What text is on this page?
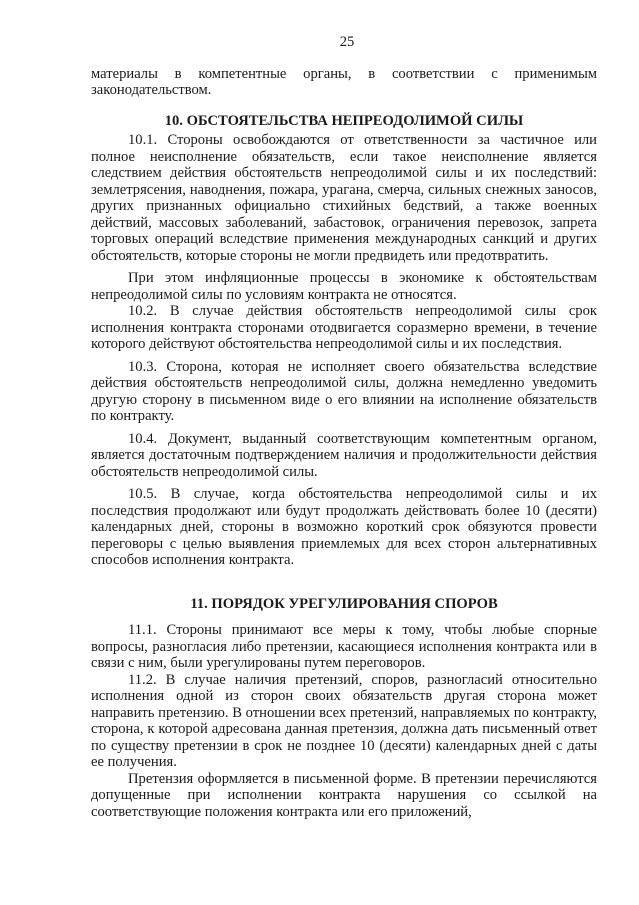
25

материалы в компетентные органы, в соответствии с применимым законодательством.

10. ОБСТОЯТЕЛЬСТВА НЕПРЕОДОЛИМОЙ СИЛЫ

10.1. Стороны освобождаются от ответственности за частичное или полное неисполнение обязательств, если такое неисполнение является следствием действия обстоятельств непреодолимой силы и их последствий: землетрясения, наводнения, пожара, урагана, смерча, сильных снежных заносов, других признанных официально стихийных бедствий, а также военных действий, массовых заболеваний, забастовок, ограничения перевозок, запрета торговых операций вследствие применения международных санкций и других обстоятельств, которые стороны не могли предвидеть или предотвратить.

При этом инфляционные процессы в экономике к обстоятельствам непреодолимой силы по условиям контракта не относятся.

10.2. В случае действия обстоятельств непреодолимой силы срок исполнения контракта сторонами отодвигается соразмерно времени, в течение которого действуют обстоятельства непреодолимой силы и их последствия.

10.3. Сторона, которая не исполняет своего обязательства вследствие действия обстоятельств непреодолимой силы, должна немедленно уведомить другую сторону в письменном виде о его влиянии на исполнение обязательств по контракту.

10.4. Документ, выданный соответствующим компетентным органом, является достаточным подтверждением наличия и продолжительности действия обстоятельств непреодолимой силы.

10.5. В случае, когда обстоятельства непреодолимой силы и их последствия продолжают или будут продолжать действовать более 10 (десяти) календарных дней, стороны в возможно короткий срок обязуются провести переговоры с целью выявления приемлемых для всех сторон альтернативных способов исполнения контракта.

11. ПОРЯДОК УРЕГУЛИРОВАНИЯ СПОРОВ

11.1. Стороны принимают все меры к тому, чтобы любые спорные вопросы, разногласия либо претензии, касающиеся исполнения контракта или в связи с ним, были урегулированы путем переговоров.

11.2. В случае наличия претензий, споров, разногласий относительно исполнения одной из сторон своих обязательств другая сторона может направить претензию. В отношении всех претензий, направляемых по контракту, сторона, к которой адресована данная претензия, должна дать письменный ответ по существу претензии в срок не позднее 10 (десяти) календарных дней с даты ее получения.

Претензия оформляется в письменной форме. В претензии перечисляются допущенные при исполнении контракта нарушения со ссылкой на соответствующие положения контракта или его приложений,
